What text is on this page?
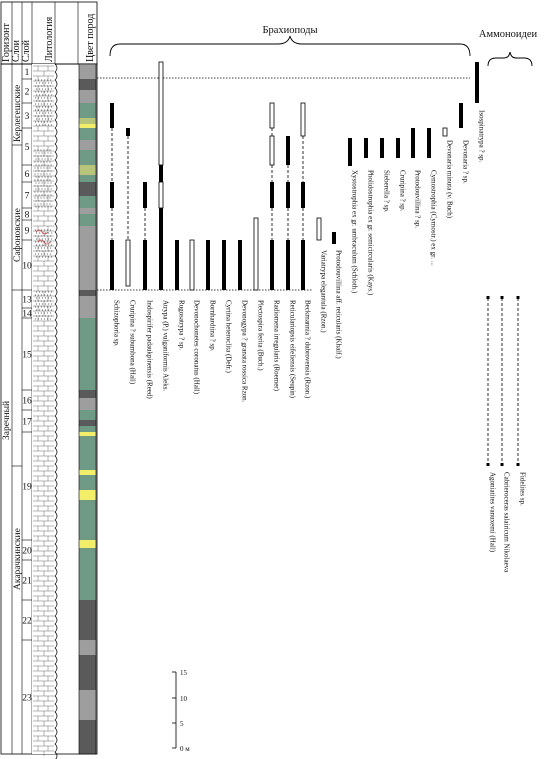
Горизонт Слои Слой Литология	Цвет пород
Керлегешские
Сафоновские
Акарачкинские
Заречный
1
2
3
5
6
7
8
9
10
13
14
15
16
17
19
20
21
22
23
Брахиоподы	Аммоноидеи
Schizophoria sp. Cruripina ? subumbona (Hall) Indospirifer padaukpinensis (Reed) Atrypa (P.) vulganiformis Aleks. Rugosatrypa ? sp. Devonochonetes coronatus (Hall) Bornhardtina ? sp. Cyrtina heteroclita (Defr.) Devonogypa ? granata rossica Rzon. Plectospira ferita (Buch.) Radiomena irregularis (Roemer) Reticulariopsis eifeliensis (Seupin) Beckmannia ? dubrovensis (Rzon.)
Variatrypa elegantula (Rzon.) Protodouvillina aff. reticularis (Khalf.)
Xystostrophia ex gr. umbraculum (Schloth.) Pholidostrophia ex gr. semicircularis (Kays.) Sieberella ? sp. Cruripina ? sp. Protodouvillina ? sp. Cymostrophia (Cymostr.) ex gr. ... Devonaria minuta (v. Buch) Devonaria ? sp. Isospinatrypa ? sp.
Agoniatites vanuxemi (Hall) Cabrieroceras salairicum Nikolaeva Fidelites sp.
15
10
5
0 м
